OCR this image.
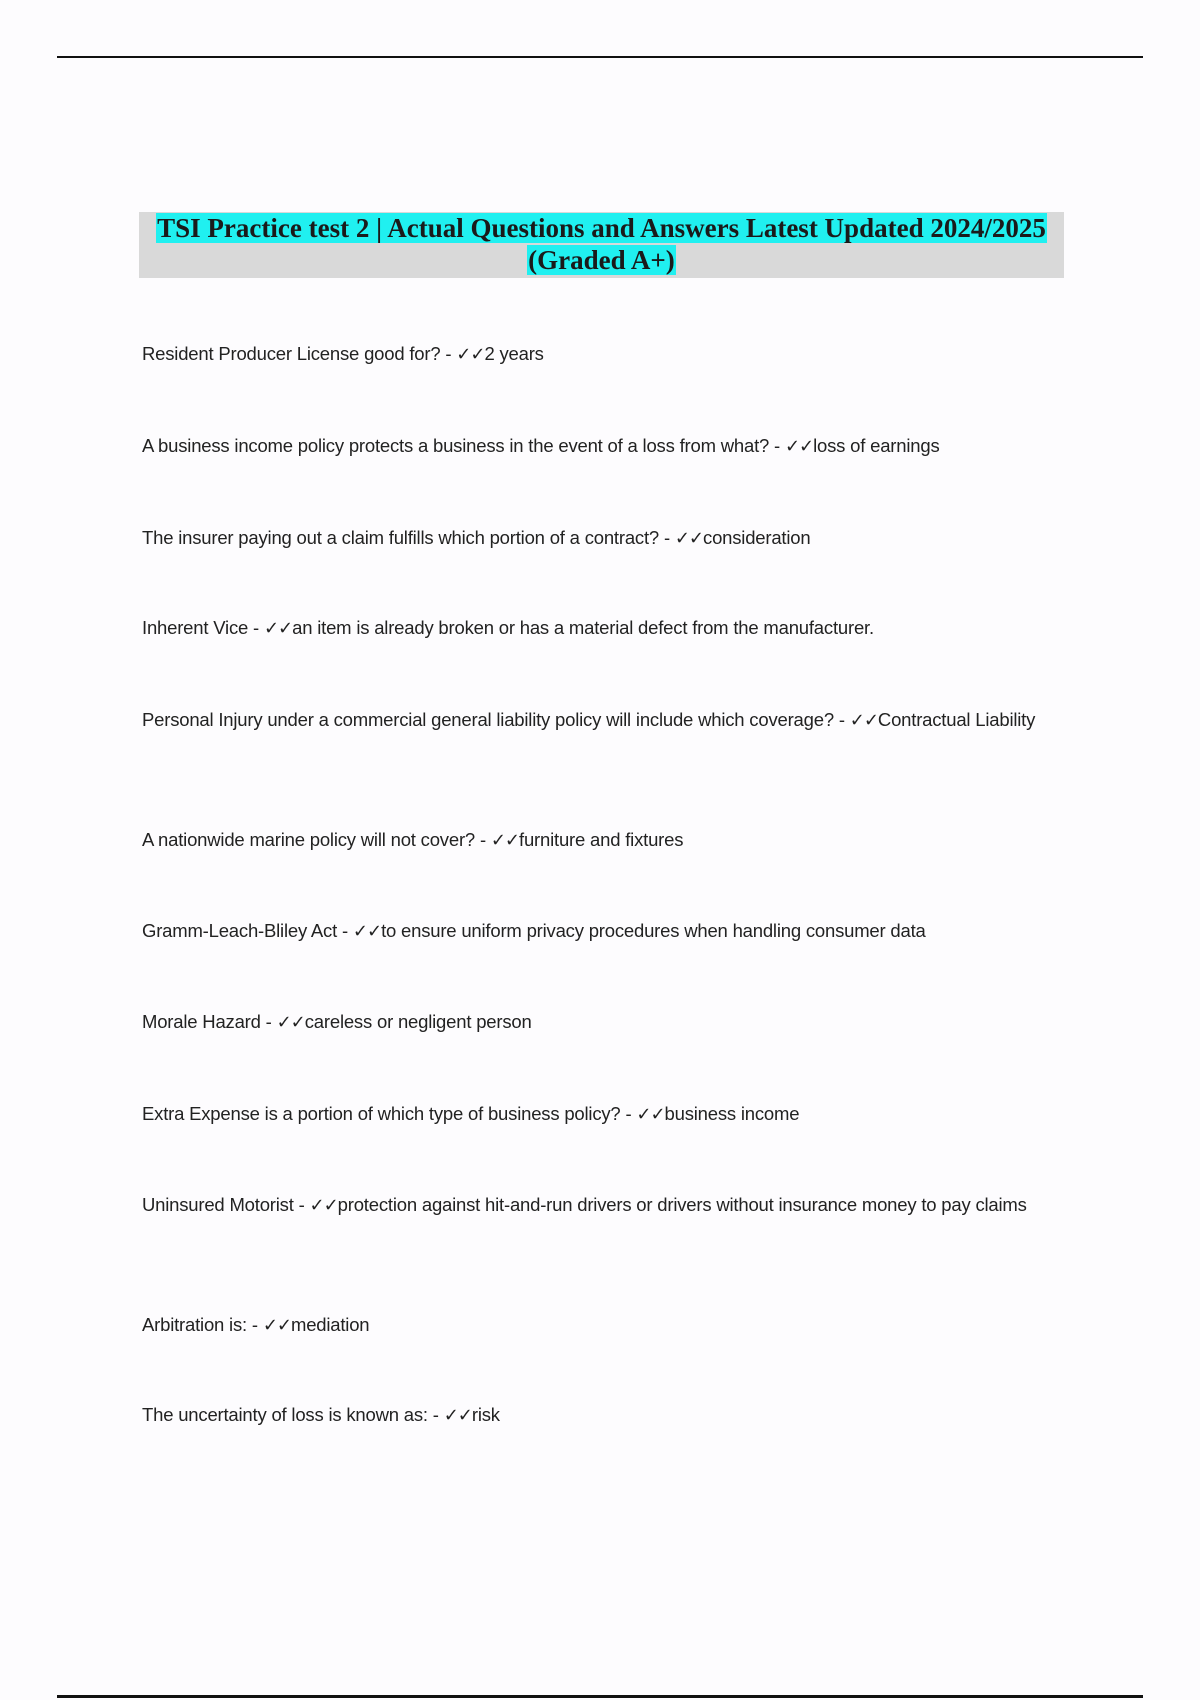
TSI Practice test 2 | Actual Questions and Answers Latest Updated 2024/2025
(Graded A+)
Resident Producer License good for? - ✓✓2 years
A business income policy protects a business in the event of a loss from what? - ✓✓loss of earnings
The insurer paying out a claim fulfills which portion of a contract? - ✓✓consideration
Inherent Vice - ✓✓an item is already broken or has a material defect from the manufacturer.
Personal Injury under a commercial general liability policy will include which coverage? - ✓✓Contractual Liability
A nationwide marine policy will not cover? - ✓✓furniture and fixtures
Gramm-Leach-Bliley Act - ✓✓to ensure uniform privacy procedures when handling consumer data
Morale Hazard - ✓✓careless or negligent person
Extra Expense is a portion of which type of business policy? - ✓✓business income
Uninsured Motorist - ✓✓protection against hit-and-run drivers or drivers without insurance money to pay claims
Arbitration is: - ✓✓mediation
The uncertainty of loss is known as: - ✓✓risk
